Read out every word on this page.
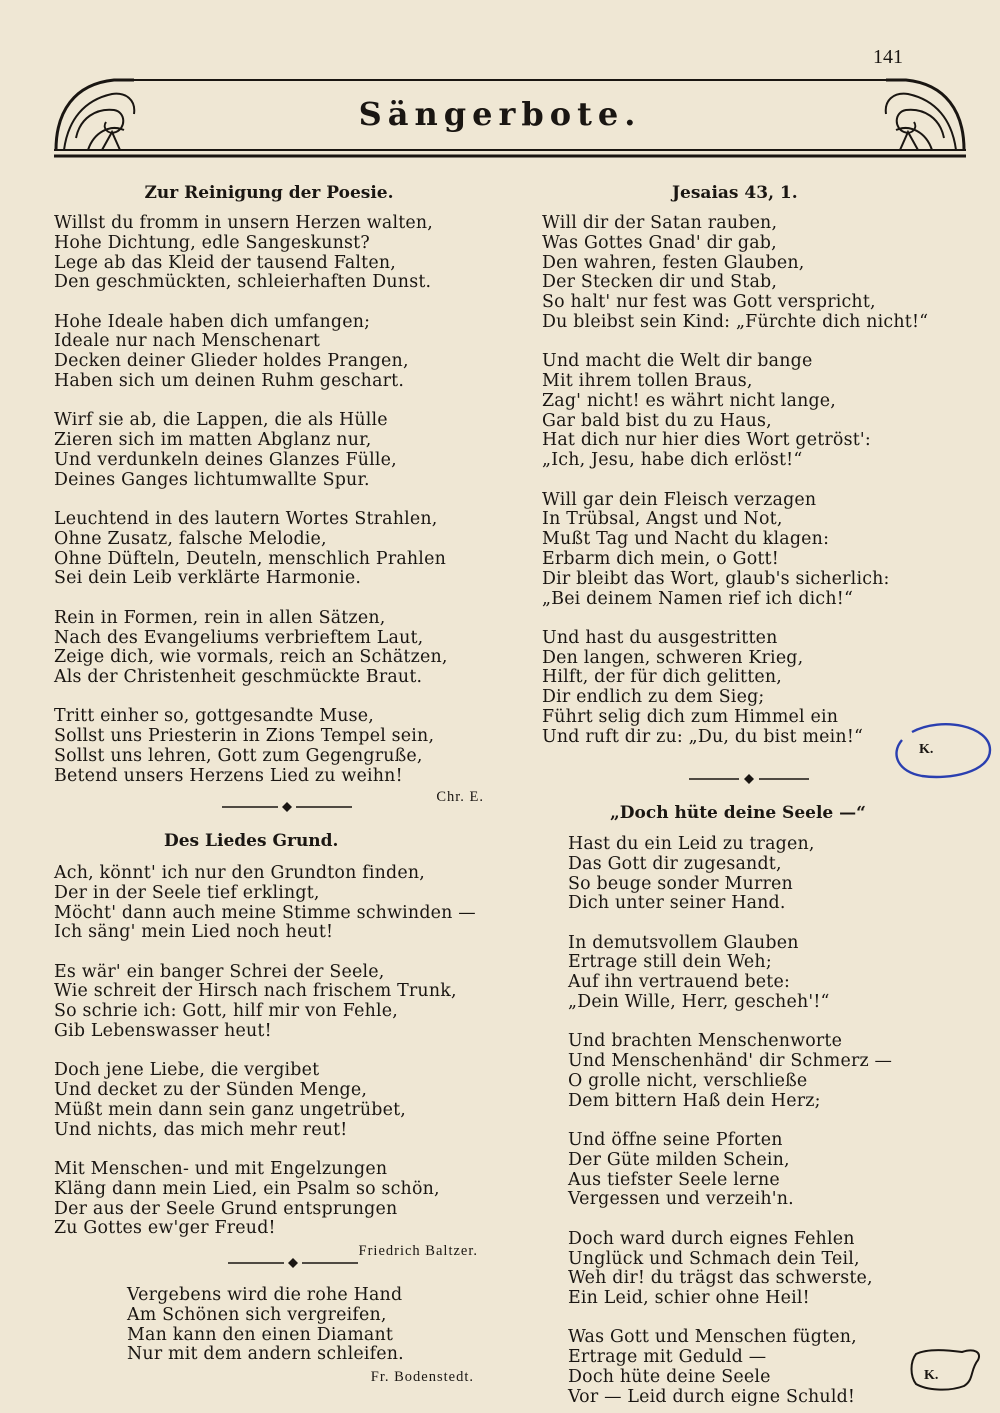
141
Sängerbote.
Zur Reinigung der Poesie.
Willst du fromm in unsern Herzen walten,
Hohe Dichtung, edle Sangeskunst?
Lege ab das Kleid der tausend Falten,
Den geschmückten, schleierhaften Dunst.
Hohe Ideale haben dich umfangen;
Ideale nur nach Menschenart
Decken deiner Glieder holdes Prangen,
Haben sich um deinen Ruhm geschart.
Wirf sie ab, die Lappen, die als Hülle
Zieren sich im matten Abglanz nur,
Und verdunkeln deines Glanzes Fülle,
Deines Ganges lichtumwallte Spur.
Leuchtend in des lautern Wortes Strahlen,
Ohne Zusatz, falsche Melodie,
Ohne Düfteln, Deuteln, menschlich Prahlen
Sei dein Leib verklärte Harmonie.
Rein in Formen, rein in allen Sätzen,
Nach des Evangeliums verbrieftem Laut,
Zeige dich, wie vormals, reich an Schätzen,
Als der Christenheit geschmückte Braut.
Tritt einher so, gottgesandte Muse,
Sollst uns Priesterin in Zions Tempel sein,
Sollst uns lehren, Gott zum Gegengruße,
Betend unsers Herzens Lied zu weihn!
Chr. E.
Des Liedes Grund.
Ach, könnt' ich nur den Grundton finden,
Der in der Seele tief erklingt,
Möcht' dann auch meine Stimme schwinden —
Ich säng' mein Lied noch heut!
Es wär' ein banger Schrei der Seele,
Wie schreit der Hirsch nach frischem Trunk,
So schrie ich: Gott, hilf mir von Fehle,
Gib Lebenswasser heut!
Doch jene Liebe, die vergibet
Und decket zu der Sünden Menge,
Müßt mein dann sein ganz ungetrübet,
Und nichts, das mich mehr reut!
Mit Menschen- und mit Engelzungen
Kläng dann mein Lied, ein Psalm so schön,
Der aus der Seele Grund entsprungen
Zu Gottes ew'ger Freud!
Friedrich Baltzer.
Vergebens wird die rohe Hand
Am Schönen sich vergreifen,
Man kann den einen Diamant
Nur mit dem andern schleifen.
Fr. Bodenstedt.
Jesaias 43, 1.
Will dir der Satan rauben,
Was Gottes Gnad' dir gab,
Den wahren, festen Glauben,
Der Stecken dir und Stab,
So halt' nur fest was Gott verspricht,
Du bleibst sein Kind: „Fürchte dich nicht!“
Und macht die Welt dir bange
Mit ihrem tollen Braus,
Zag' nicht! es währt nicht lange,
Gar bald bist du zu Haus,
Hat dich nur hier dies Wort getröst':
„Ich, Jesu, habe dich erlöst!“
Will gar dein Fleisch verzagen
In Trübsal, Angst und Not,
Mußt Tag und Nacht du klagen:
Erbarm dich mein, o Gott!
Dir bleibt das Wort, glaub's sicherlich:
„Bei deinem Namen rief ich dich!“
Und hast du ausgestritten
Den langen, schweren Krieg,
Hilft, der für dich gelitten,
Dir endlich zu dem Sieg;
Führt selig dich zum Himmel ein
Und ruft dir zu: „Du, du bist mein!“
K.
„Doch hüte deine Seele —“
Hast du ein Leid zu tragen,
Das Gott dir zugesandt,
So beuge sonder Murren
Dich unter seiner Hand.
In demutsvollem Glauben
Ertrage still dein Weh;
Auf ihn vertrauend bete:
„Dein Wille, Herr, gescheh'!“
Und brachten Menschenworte
Und Menschenhänd' dir Schmerz —
O grolle nicht, verschließe
Dem bittern Haß dein Herz;
Und öffne seine Pforten
Der Güte milden Schein,
Aus tiefster Seele lerne
Vergessen und verzeih'n.
Doch ward durch eignes Fehlen
Unglück und Schmach dein Teil,
Weh dir! du trägst das schwerste,
Ein Leid, schier ohne Heil!
Was Gott und Menschen fügten,
Ertrage mit Geduld —
Doch hüte deine Seele
Vor — Leid durch eigne Schuld!
K.
